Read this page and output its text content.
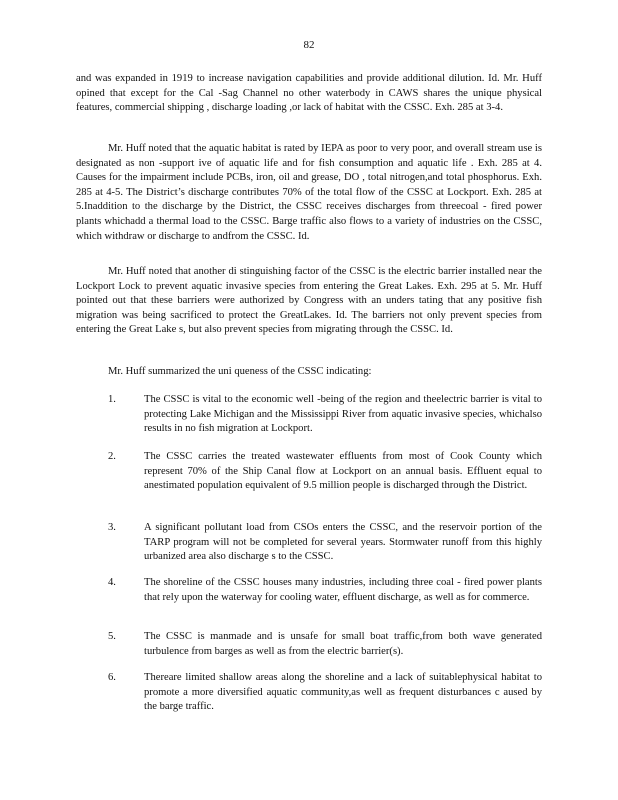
82

and was expanded in 1919 to increase navigation capabilities and provide additional dilution. Id. Mr. Huff opined that except for the Cal -Sag Channel no other waterbody in CAWS shares the unique physical features, commercial shipping , discharge loading ,or lack of habitat with the CSSC. Exh. 285 at 3-4.

Mr. Huff noted that the aquatic habitat is rated by IEPA as poor to very poor, and overall stream use is designated as non -support ive of aquatic life and for fish consumption and aquatic life . Exh. 285 at 4. Causes for the impairment include PCBs, iron, oil and grease, DO , total nitrogen,and total phosphorus. Exh. 285 at 4-5. The District’s discharge contributes 70% of the total flow of the CSSC at Lockport. Exh. 285 at 5.Inaddition to the discharge by the District, the CSSC receives discharges from threecoal - fired power plants whichadd a thermal load to the CSSC. Barge traffic also flows to a variety of industries on the CSSC, which withdraw or discharge to andfrom the CSSC. Id.

Mr. Huff noted that another di stinguishing factor of the CSSC is the electric barrier installed near the Lockport Lock to prevent aquatic invasive species from entering the Great Lakes. Exh. 295 at 5. Mr. Huff pointed out that these barriers were authorized by Congress with an unders tating that any positive fish migration was being sacrificed to protect the GreatLakes. Id. The barriers not only prevent species from entering the Great Lake s, but also prevent species from migrating through the CSSC. Id.

Mr. Huff summarized the uni queness of the CSSC indicating:

1.	The CSSC is vital to the economic well -being of the region and theelectric barrier is vital to protecting Lake Michigan and the Mississippi River from aquatic invasive species, whichalso results in no fish migration at Lockport.
2.	The CSSC carries the treated wastewater effluents from most of Cook County which represent 70% of the Ship Canal flow at Lockport on an annual basis. Effluent equal to anestimated population equivalent of 9.5 million people is discharged through the District.
3.	A significant pollutant load from CSOs enters the CSSC, and the reservoir portion of the TARP program will not be completed for several years. Stormwater runoff from this highly urbanized area also discharge s to the CSSC.
4.	The shoreline of the CSSC houses many industries, including three coal - fired power plants that rely upon the waterway for cooling water, effluent discharge, as well as for commerce.
5.	The CSSC is manmade and is unsafe for small boat traffic,from both wave generated turbulence from barges as well as from the electric barrier(s).
6.	Thereare limited shallow areas along the shoreline and a lack of suitablephysical habitat to promote a more diversified aquatic community,as well as frequent disturbances c aused by the barge traffic.
